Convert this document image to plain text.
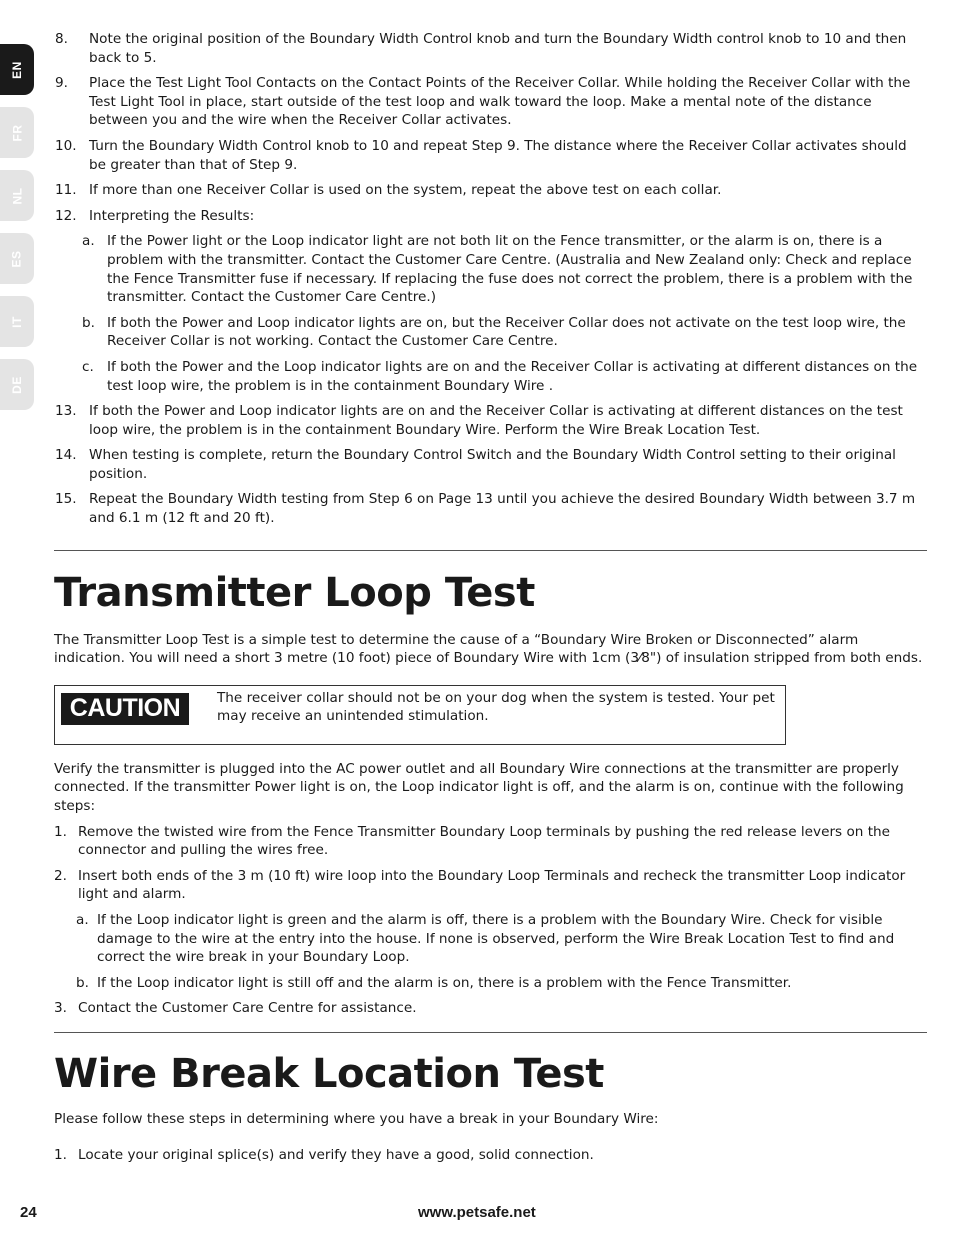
EN
FR
NL
ES
IT
DE
8. Note the original position of the Boundary Width Control knob and turn the Boundary Width control knob to 10 and then back to 5.
9. Place the Test Light Tool Contacts on the Contact Points of the Receiver Collar. While holding the Receiver Collar with the Test Light Tool in place, start outside of the test loop and walk toward the loop. Make a mental note of the distance between you and the wire when the Receiver Collar activates.
10. Turn the Boundary Width Control knob to 10 and repeat Step 9. The distance where the Receiver Collar activates should be greater than that of Step 9.
11. If more than one Receiver Collar is used on the system, repeat the above test on each collar.
12. Interpreting the Results:
a. If the Power light or the Loop indicator light are not both lit on the Fence transmitter, or the alarm is on, there is a problem with the transmitter. Contact the Customer Care Centre. (Australia and New Zealand only: Check and replace the Fence Transmitter fuse if necessary. If replacing the fuse does not correct the problem, there is a problem with the transmitter. Contact the Customer Care Centre.)
b. If both the Power and Loop indicator lights are on, but the Receiver Collar does not activate on the test loop wire, the Receiver Collar is not working. Contact the Customer Care Centre.
c. If both the Power and the Loop indicator lights are on and the Receiver Collar is activating at different distances on the test loop wire, the problem is in the containment Boundary Wire .
13. If both the Power and Loop indicator lights are on and the Receiver Collar is activating at different distances on the test loop wire, the problem is in the containment Boundary Wire. Perform the Wire Break Location Test.
14. When testing is complete, return the Boundary Control Switch and the Boundary Width Control setting to their original position.
15. Repeat the Boundary Width testing from Step 6 on Page 13 until you achieve the desired Boundary Width between 3.7 m and 6.1 m (12 ft and 20 ft).
Transmitter Loop Test

The Transmitter Loop Test is a simple test to determine the cause of a “Boundary Wire Broken or Disconnected” alarm indication. You will need a short 3 metre (10 foot) piece of Boundary Wire with 1cm (3⁄8") of insulation stripped from both ends.

CAUTION	The receiver collar should not be on your dog when the system is tested. Your pet may receive an unintended stimulation.

Verify the transmitter is plugged into the AC power outlet and all Boundary Wire connections at the transmitter are properly connected. If the transmitter Power light is on, the Loop indicator light is off, and the alarm is on, continue with the following steps:

1. Remove the twisted wire from the Fence Transmitter Boundary Loop terminals by pushing the red release levers on the connector and pulling the wires free.
2. Insert both ends of the 3 m (10 ft) wire loop into the Boundary Loop Terminals and recheck the transmitter Loop indicator light and alarm.
a. If the Loop indicator light is green and the alarm is off, there is a problem with the Boundary Wire. Check for visible damage to the wire at the entry into the house. If none is observed, perform the Wire Break Location Test to find and correct the wire break in your Boundary Loop.
b. If the Loop indicator light is still off and the alarm is on, there is a problem with the Fence Transmitter.
3. Contact the Customer Care Centre for assistance.
Wire Break Location Test

Please follow these steps in determining where you have a break in your Boundary Wire:

1. Locate your original splice(s) and verify they have a good, solid connection.
24	www.petsafe.net
